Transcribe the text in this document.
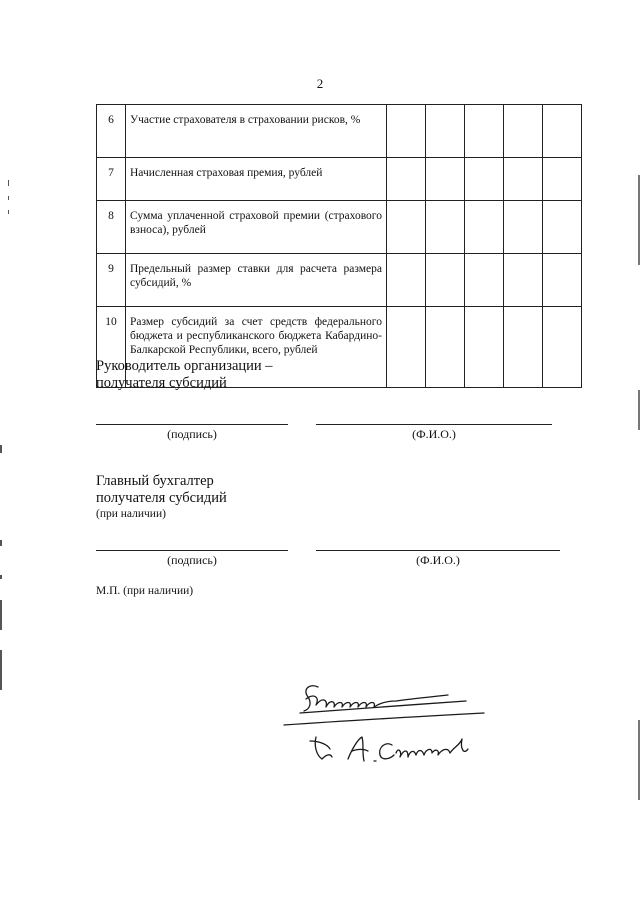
2
6	Участие страхователя в страховании рисков, %					
7	Начисленная страховая премия, рублей					
8	Сумма уплаченной страховой премии (страхового взноса), рублей					
9	Предельный размер ставки для расчета размера субсидий, %					
10	Размер субсидий за счет средств федерального бюджета и республиканского бюджета Кабардино-Балкарской Республики, всего, рублей					
Руководитель организации –
получателя субсидий
(подпись)	(Ф.И.О.)
Главный бухгалтер
получателя субсидий
(при наличии)
(подпись)	(Ф.И.О.)
М.П. (при наличии)
